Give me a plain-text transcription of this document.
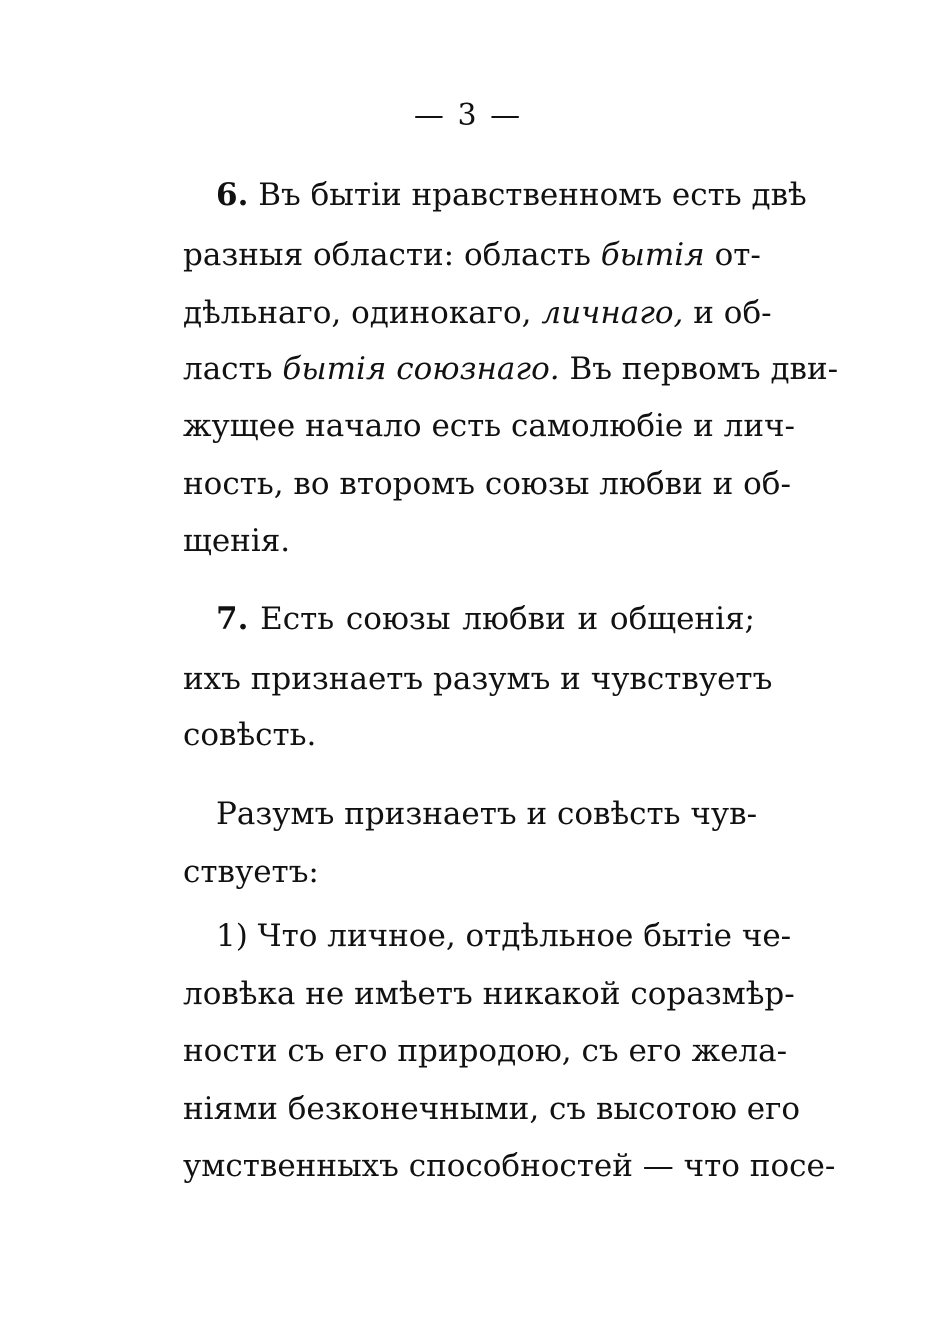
— 3 —
6. Въ бытіи нравственномъ есть двѣ
разныя области: область бытія от-
дѣльнаго, одинокаго, личнаго, и об-
ласть бытія союзнаго. Въ первомъ дви-
жущее начало есть самолюбіе и лич-
ность, во второмъ союзы любви и об-
щенія.
7. Есть союзы любви и общенія;
ихъ признаетъ разумъ и чувствуетъ
совѣсть.
Разумъ признаетъ и совѣсть чув-
ствуетъ:
1) Что личное, отдѣльное бытіе че-
ловѣка не имѣетъ никакой соразмѣр-
ности съ его природою, съ его жела-
ніями безконечными, съ высотою его
умственныхъ способностей — что посе-
